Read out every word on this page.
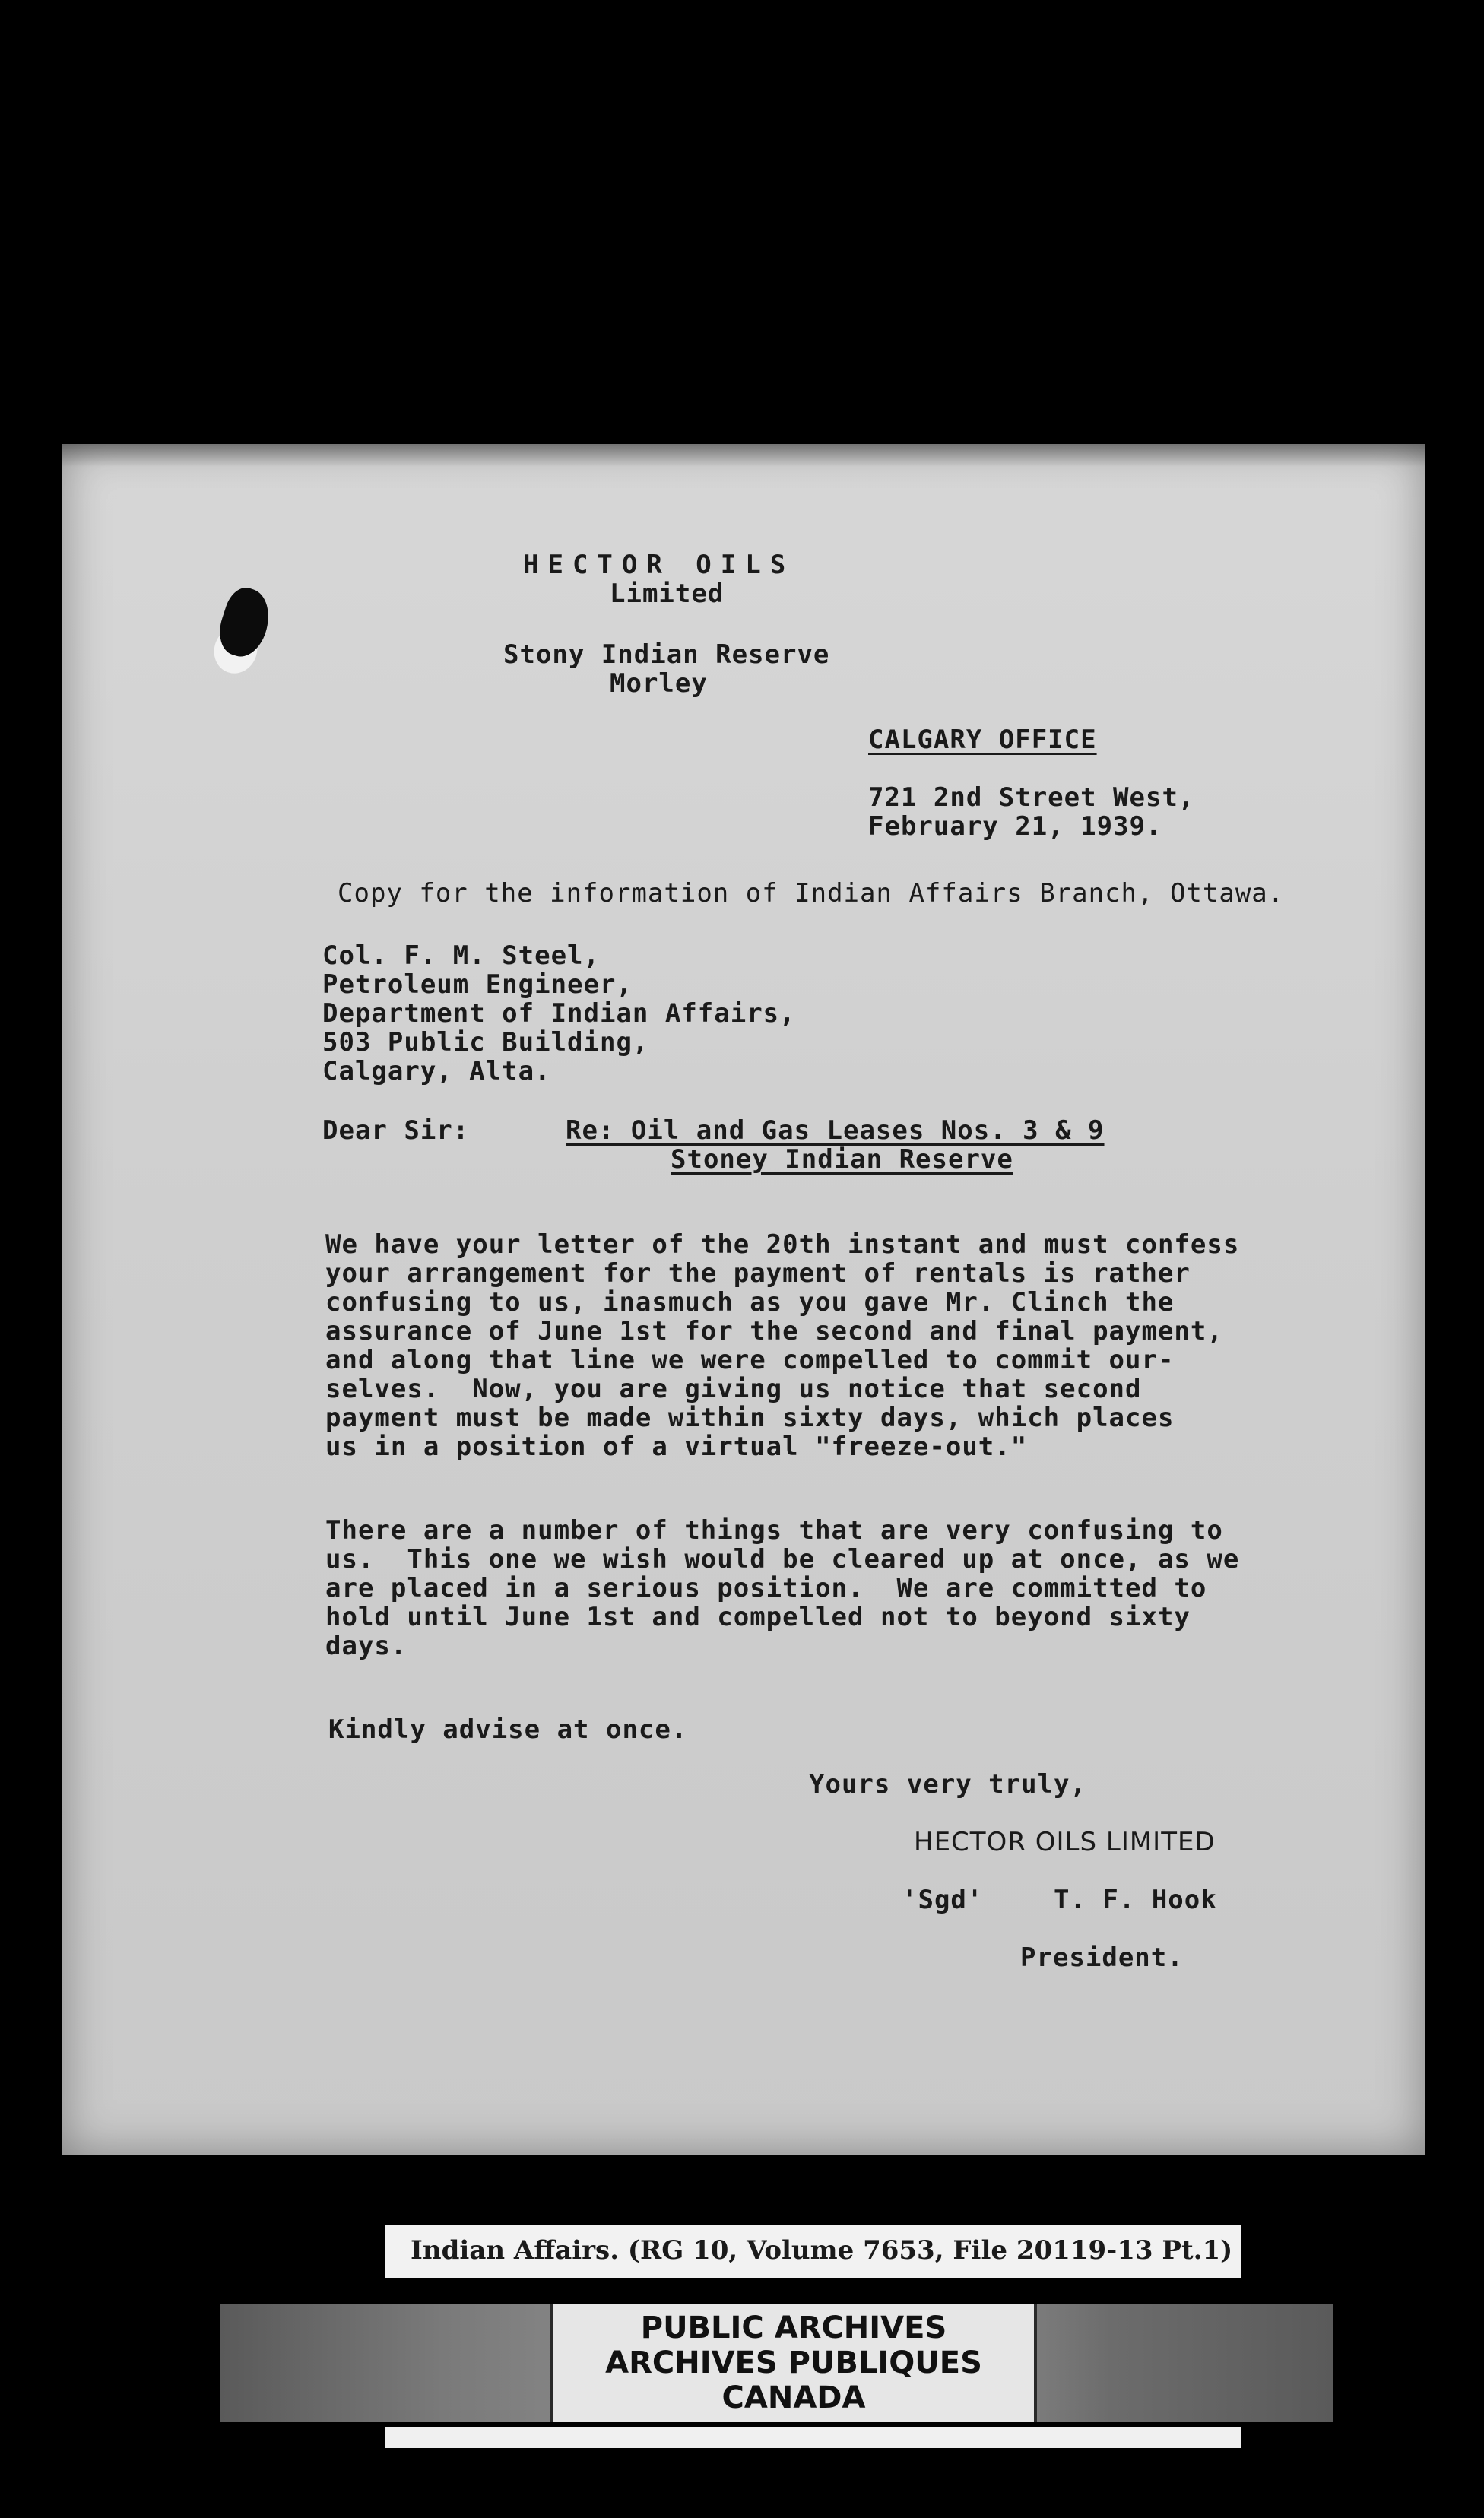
HECTOR OILS
Limited
Stony Indian Reserve
Morley
CALGARY OFFICE
721 2nd Street West,
February 21, 1939.
Copy for the information of Indian Affairs Branch, Ottawa.
Col. F. M. Steel,
Petroleum Engineer,
Department of Indian Affairs,
503 Public Building,
Calgary, Alta.
Dear Sir:	Re: Oil and Gas Leases Nos. 3 & 9
Stoney Indian Reserve
We have your letter of the 20th instant and must confess
your arrangement for the payment of rentals is rather
confusing to us, inasmuch as you gave Mr. Clinch the
assurance of June 1st for the second and final payment,
and along that line we were compelled to commit our-
selves.  Now, you are giving us notice that second
payment must be made within sixty days, which places
us in a position of a virtual "freeze-out."
There are a number of things that are very confusing to
us.  This one we wish would be cleared up at once, as we
are placed in a serious position.  We are committed to
hold until June 1st and compelled not to beyond sixty
days.
Kindly advise at once.
Yours very truly,
HECTOR OILS LIMITED
'Sgd'	T. F. Hook
President.
Indian Affairs. (RG 10, Volume 7653, File 20119-13 Pt.1)
PUBLIC ARCHIVES
ARCHIVES PUBLIQUES
CANADA
